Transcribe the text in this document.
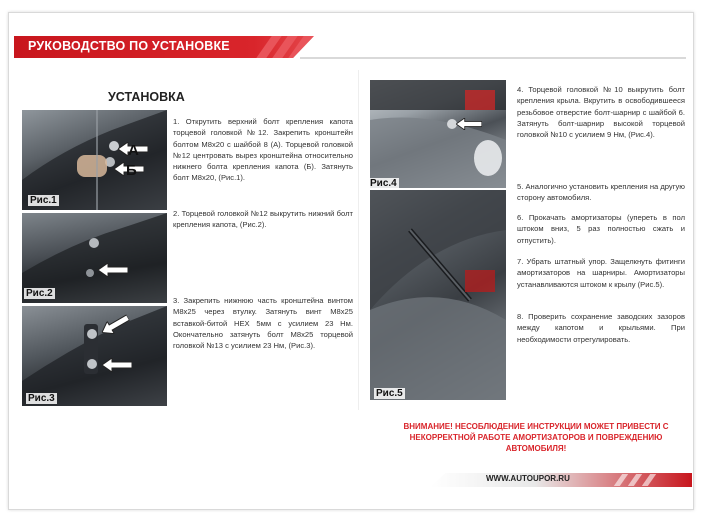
РУКОВОДСТВО ПО УСТАНОВКЕ
УСТАНОВКА
А
Б
Рис.1
Рис.2
Рис.3
1. Открутить верхний болт крепления капота торцевой головкой №12. Закрепить кронштейн болтом М8х20 с шайбой 8 (А). Торцевой головкой №12 центровать вырез кронштейна относительно нижнего болта крепления капота (Б). Затянуть болт М8х20, (Рис.1).
2. Торцевой головкой №12 выкрутить нижний болт крепления капота, (Рис.2).
3. Закрепить нижнюю часть кронштейна винтом М8х25 через втулку. Затянуть винт М8х25 вставкой-битой HEX 5мм с усилием 23 Нм. Окончательно затянуть болт М8х25 торцевой головкой №13 с усилием 23 Нм, (Рис.3).
Рис.4
Рис.5
4. Торцевой головкой №10 выкрутить болт крепления крыла. Вкрутить в освободившееся резьбовое отверстие болт-шарнир с шайбой 6. Затянуть болт-шарнир высокой торцевой головкой №10 с усилием 9 Нм, (Рис.4).
5. Аналогично установить крепления на другую сторону автомобиля.
6. Прокачать амортизаторы (упереть в пол штоком вниз, 5 раз полностью сжать и отпустить).
7. Убрать штатный упор. Защелкнуть фитинги амортизаторов на шарниры. Амортизаторы устанавливаются штоком к крылу (Рис.5).
8. Проверить сохранение заводских зазоров между капотом и крыльями. При необходимости отрегулировать.
ВНИМАНИЕ! НЕСОБЛЮДЕНИЕ ИНСТРУКЦИИ МОЖЕТ ПРИВЕСТИ С НЕКОРРЕКТНОЙ РАБОТЕ АМОРТИЗАТОРОВ И ПОВРЕЖДЕНИЮ АВТОМОБИЛЯ!
WWW.AUTOUPOR.RU
